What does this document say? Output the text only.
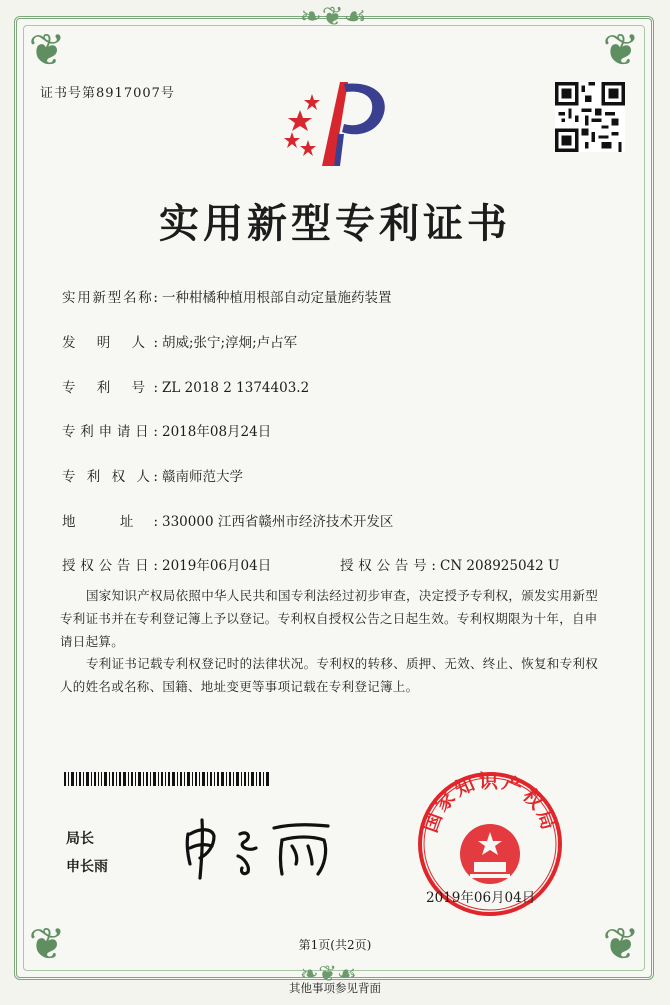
❦	❦
❦	❦
❧❦☙
❧❦☙
证书号第8917007号
实用新型专利证书
实用新型名称: 一种柑橘种植用根部自动定量施药装置
发 明 人: 胡威;张宁;淳炯;卢占军
专 利 号: ZL 2018 2 1374403.2
专利申请日: 2018年08月24日
专 利 权 人: 赣南师范大学
地 址: 330000 江西省赣州市经济技术开发区
授权公告日: 2019年06月04日	授权公告号: CN 208925042 U
国家知识产权局依照中华人民共和国专利法经过初步审查，决定授予专利权，颁发实用新型专利证书并在专利登记簿上予以登记。专利权自授权公告之日起生效。专利权期限为十年，自申请日起算。
专利证书记载专利权登记时的法律状况。专利权的转移、质押、无效、终止、恢复和专利权人的姓名或名称、国籍、地址变更等事项记载在专利登记簿上。
局长
申长雨
国家知识产权局
2019年06月04日
第1页(共2页)
其他事项参见背面
